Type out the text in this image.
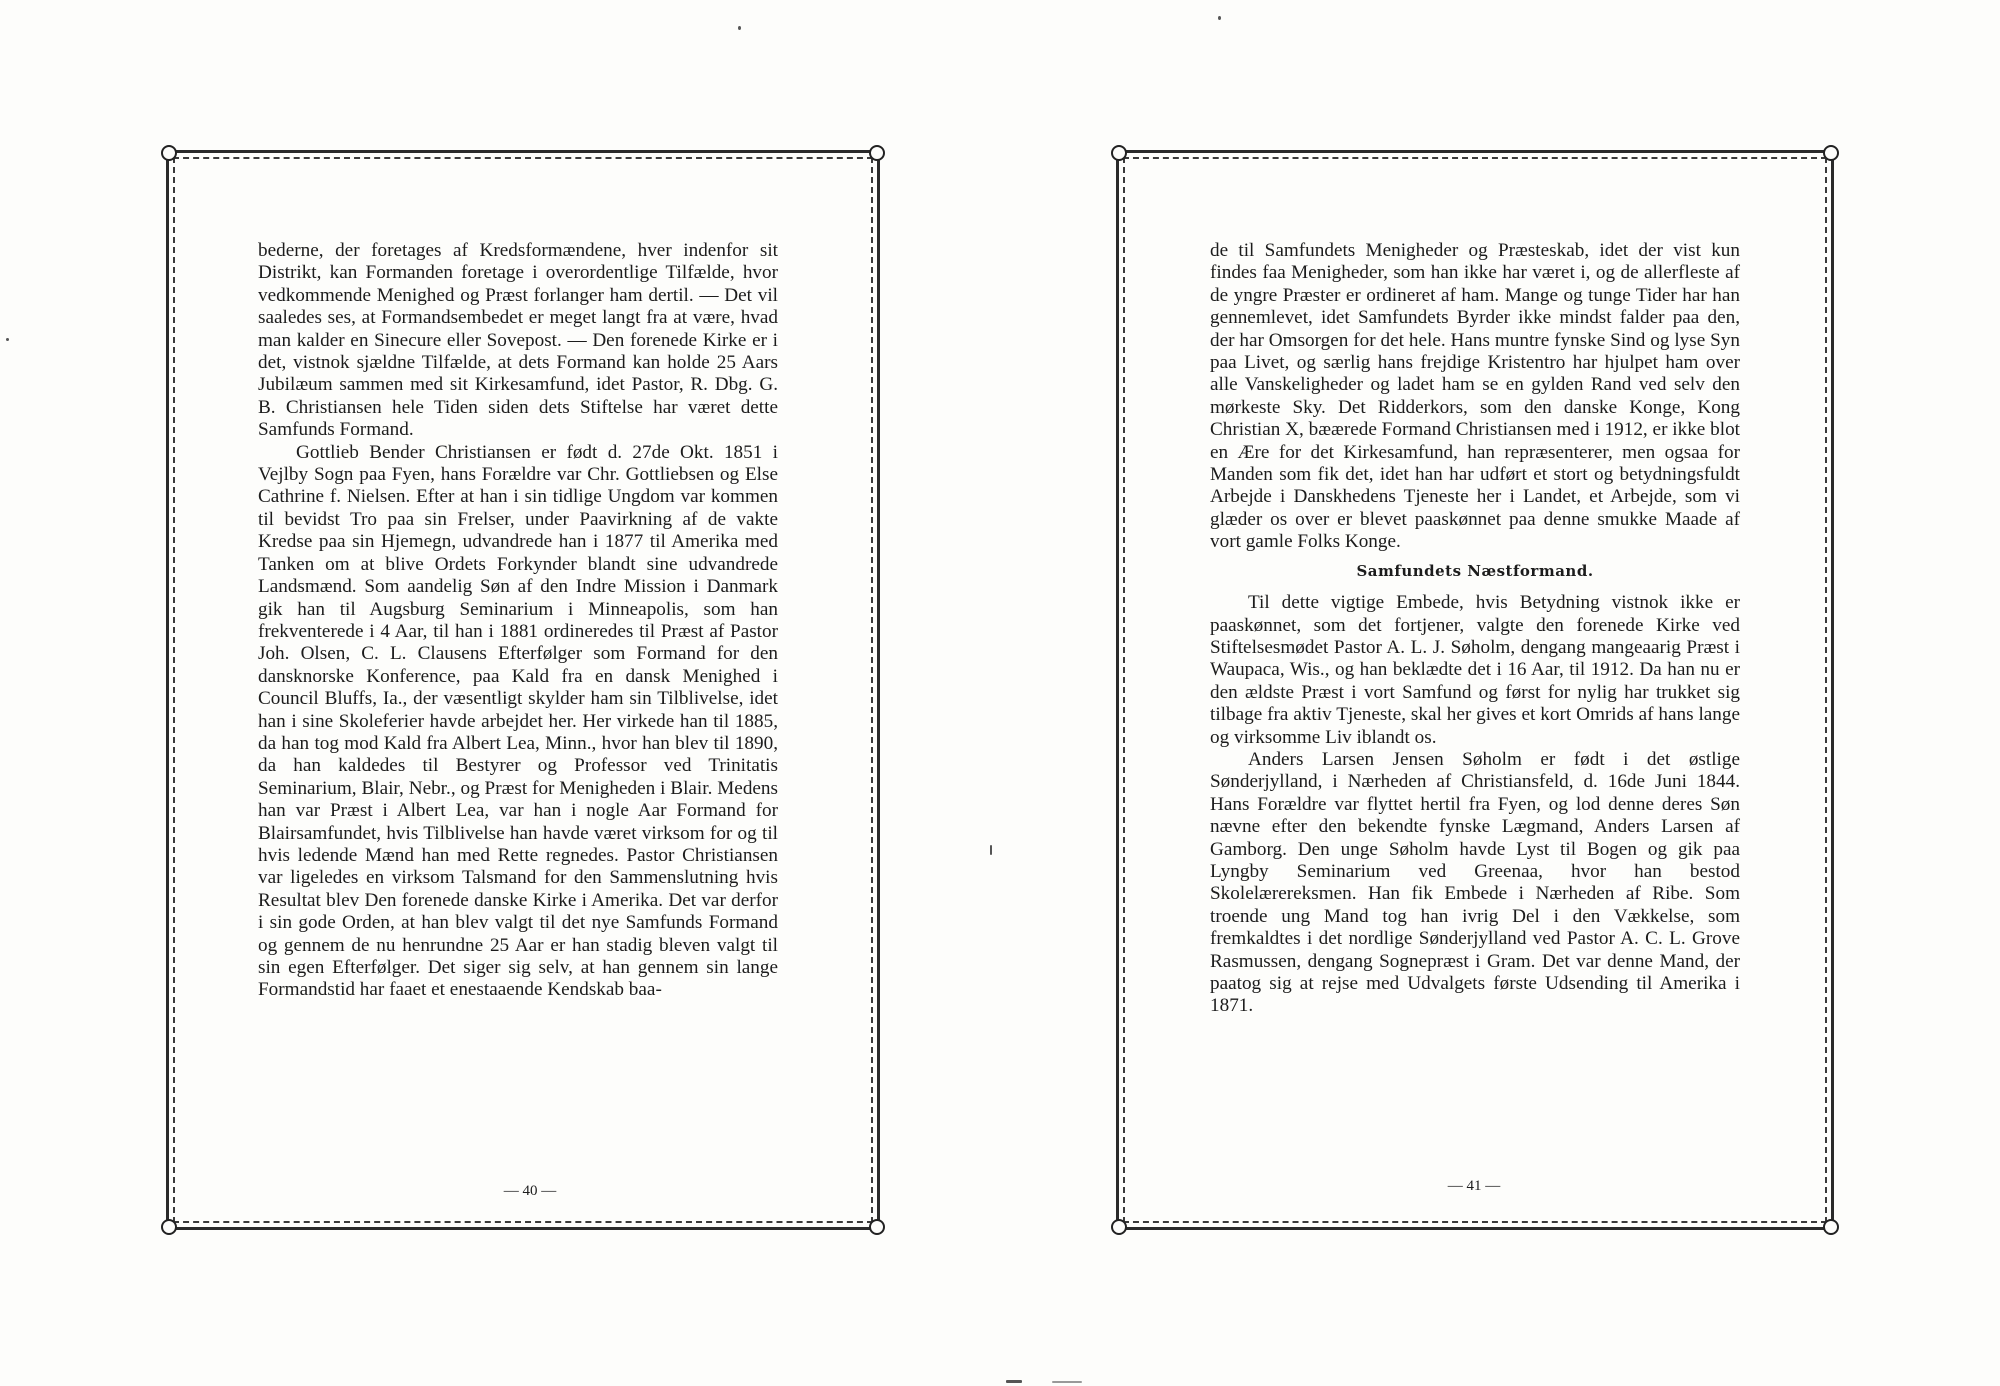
bederne, der foretages af Kredsformændene, hver indenfor sit Distrikt, kan Formanden foretage i overordentlige Tilfælde, hvor vedkommende Menighed og Præst forlanger ham dertil. — Det vil saaledes ses, at Formandsembedet er meget langt fra at være, hvad man kalder en Sinecure eller Sovepost. — Den forenede Kirke er i det, vistnok sjældne Tilfælde, at dets Formand kan holde 25 Aars Jubilæum sammen med sit Kirkesamfund, idet Pastor, R. Dbg. G. B. Christiansen hele Tiden siden dets Stiftelse har været dette Samfunds Formand.

Gottlieb Bender Christiansen er født d. 27de Okt. 1851 i Vejlby Sogn paa Fyen, hans Forældre var Chr. Gottliebsen og Else Cathrine f. Nielsen. Efter at han i sin tidlige Ungdom var kommen til bevidst Tro paa sin Frelser, under Paavirkning af de vakte Kredse paa sin Hjemegn, udvandrede han i 1877 til Amerika med Tanken om at blive Ordets Forkynder blandt sine udvandrede Landsmænd. Som aandelig Søn af den Indre Mission i Danmark gik han til Augsburg Seminarium i Minneapolis, som han frekventerede i 4 Aar, til han i 1881 ordineredes til Præst af Pastor Joh. Olsen, C. L. Clausens Efterfølger som Formand for den dansknorske Konference, paa Kald fra en dansk Menighed i Council Bluffs, Ia., der væsentligt skylder ham sin Tilblivelse, idet han i sine Skoleferier havde arbejdet her. Her virkede han til 1885, da han tog mod Kald fra Albert Lea, Minn., hvor han blev til 1890, da han kaldedes til Bestyrer og Professor ved Trinitatis Seminarium, Blair, Nebr., og Præst for Menigheden i Blair. Medens han var Præst i Albert Lea, var han i nogle Aar Formand for Blairsamfundet, hvis Tilblivelse han havde været virksom for og til hvis ledende Mænd han med Rette regnedes. Pastor Christiansen var ligeledes en virksom Talsmand for den Sammenslutning hvis Resultat blev Den forenede danske Kirke i Amerika. Det var derfor i sin gode Orden, at han blev valgt til det nye Samfunds Formand og gennem de nu henrundne 25 Aar er han stadig bleven valgt til sin egen Efterfølger. Det siger sig selv, at han gennem sin lange Formandstid har faaet et enestaaende Kendskab baa-

— 40 —

de til Samfundets Menigheder og Præsteskab, idet der vist kun findes faa Menigheder, som han ikke har været i, og de allerfleste af de yngre Præster er ordineret af ham. Mange og tunge Tider har han gennemlevet, idet Samfundets Byrder ikke mindst falder paa den, der har Omsorgen for det hele. Hans muntre fynske Sind og lyse Syn paa Livet, og særlig hans frejdige Kristentro har hjulpet ham over alle Vanskeligheder og ladet ham se en gylden Rand ved selv den mørkeste Sky. Det Ridderkors, som den danske Konge, Kong Christian X, bæærede Formand Christiansen med i 1912, er ikke blot en Ære for det Kirkesamfund, han repræsenterer, men ogsaa for Manden som fik det, idet han har udført et stort og betydningsfuldt Arbejde i Danskhedens Tjeneste her i Landet, et Arbejde, som vi glæder os over er blevet paaskønnet paa denne smukke Maade af vort gamle Folks Konge.

Samfundets Næstformand.

Til dette vigtige Embede, hvis Betydning vistnok ikke er paaskønnet, som det fortjener, valgte den forenede Kirke ved Stiftelsesmødet Pastor A. L. J. Søholm, dengang mangeaarig Præst i Waupaca, Wis., og han beklædte det i 16 Aar, til 1912. Da han nu er den ældste Præst i vort Samfund og først for nylig har trukket sig tilbage fra aktiv Tjeneste, skal her gives et kort Omrids af hans lange og virksomme Liv iblandt os.

Anders Larsen Jensen Søholm er født i det østlige Sønderjylland, i Nærheden af Christiansfeld, d. 16de Juni 1844. Hans Forældre var flyttet hertil fra Fyen, og lod denne deres Søn nævne efter den bekendte fynske Lægmand, Anders Larsen af Gamborg. Den unge Søholm havde Lyst til Bogen og gik paa Lyngby Seminarium ved Greenaa, hvor han bestod Skolelærereksmen. Han fik Embede i Nærheden af Ribe. Som troende ung Mand tog han ivrig Del i den Vækkelse, som fremkaldtes i det nordlige Sønderjylland ved Pastor A. C. L. Grove Rasmussen, dengang Sognepræst i Gram. Det var denne Mand, der paatog sig at rejse med Udvalgets første Udsending til Amerika i 1871.

— 41 —
